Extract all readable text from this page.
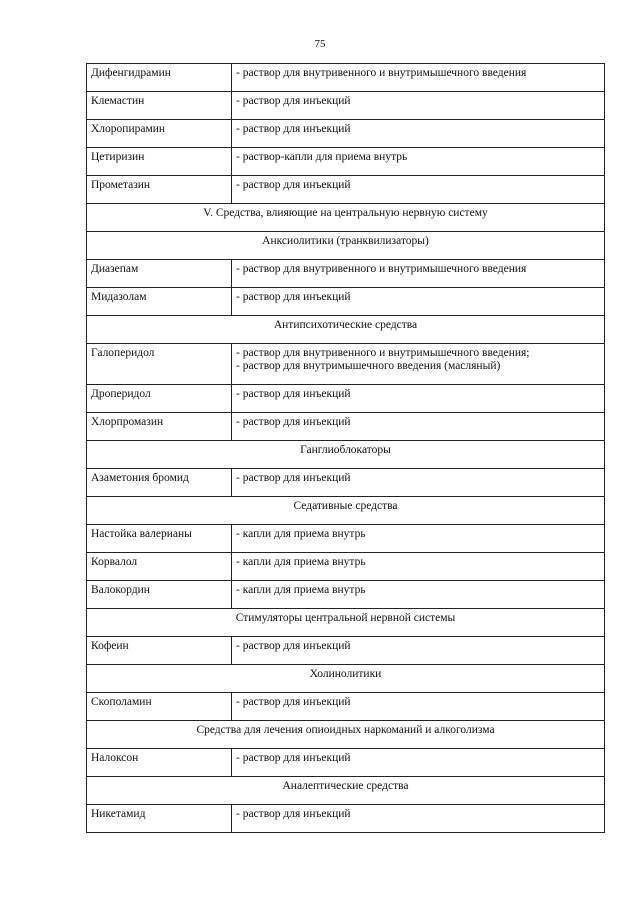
75
Дифенгидрамин	- раствор для внутривенного и внутримышечного введения

Клемастин	- раствор для инъекций

Хлоропирамин	- раствор для инъекций

Цетиризин	- раствор-капли для приема внутрь

Прометазин	- раствор для инъекций

V. Средства, влияющие на центральную нервную систему	
Анксиолитики (транквилизаторы)	
Диазепам	- раствор для внутривенного и внутримышечного введения

Мидазолам	- раствор для инъекций

Антипсихотические средства	
Галоперидол	- раствор для внутривенного и внутримышечного введения;
- раствор для внутримышечного введения (масляный)

Дроперидол	- раствор для инъекций

Хлорпромазин	- раствор для инъекций

Ганглиоблокаторы	
Азаметония бромид	- раствор для инъекций

Седативные средства	
Настойка валерианы	- капли для приема внутрь

Корвалол	- капли для приема внутрь

Валокордин	- капли для приема внутрь

Стимуляторы центральной нервной системы	
Кофеин	- раствор для инъекций

Холинолитики	
Скополамин	- раствор для инъекций

Средства для лечения опиоидных наркоманий и алкоголизма	
Налоксон	- раствор для инъекций

Аналептические средства	
Никетамид	- раствор для инъекций
